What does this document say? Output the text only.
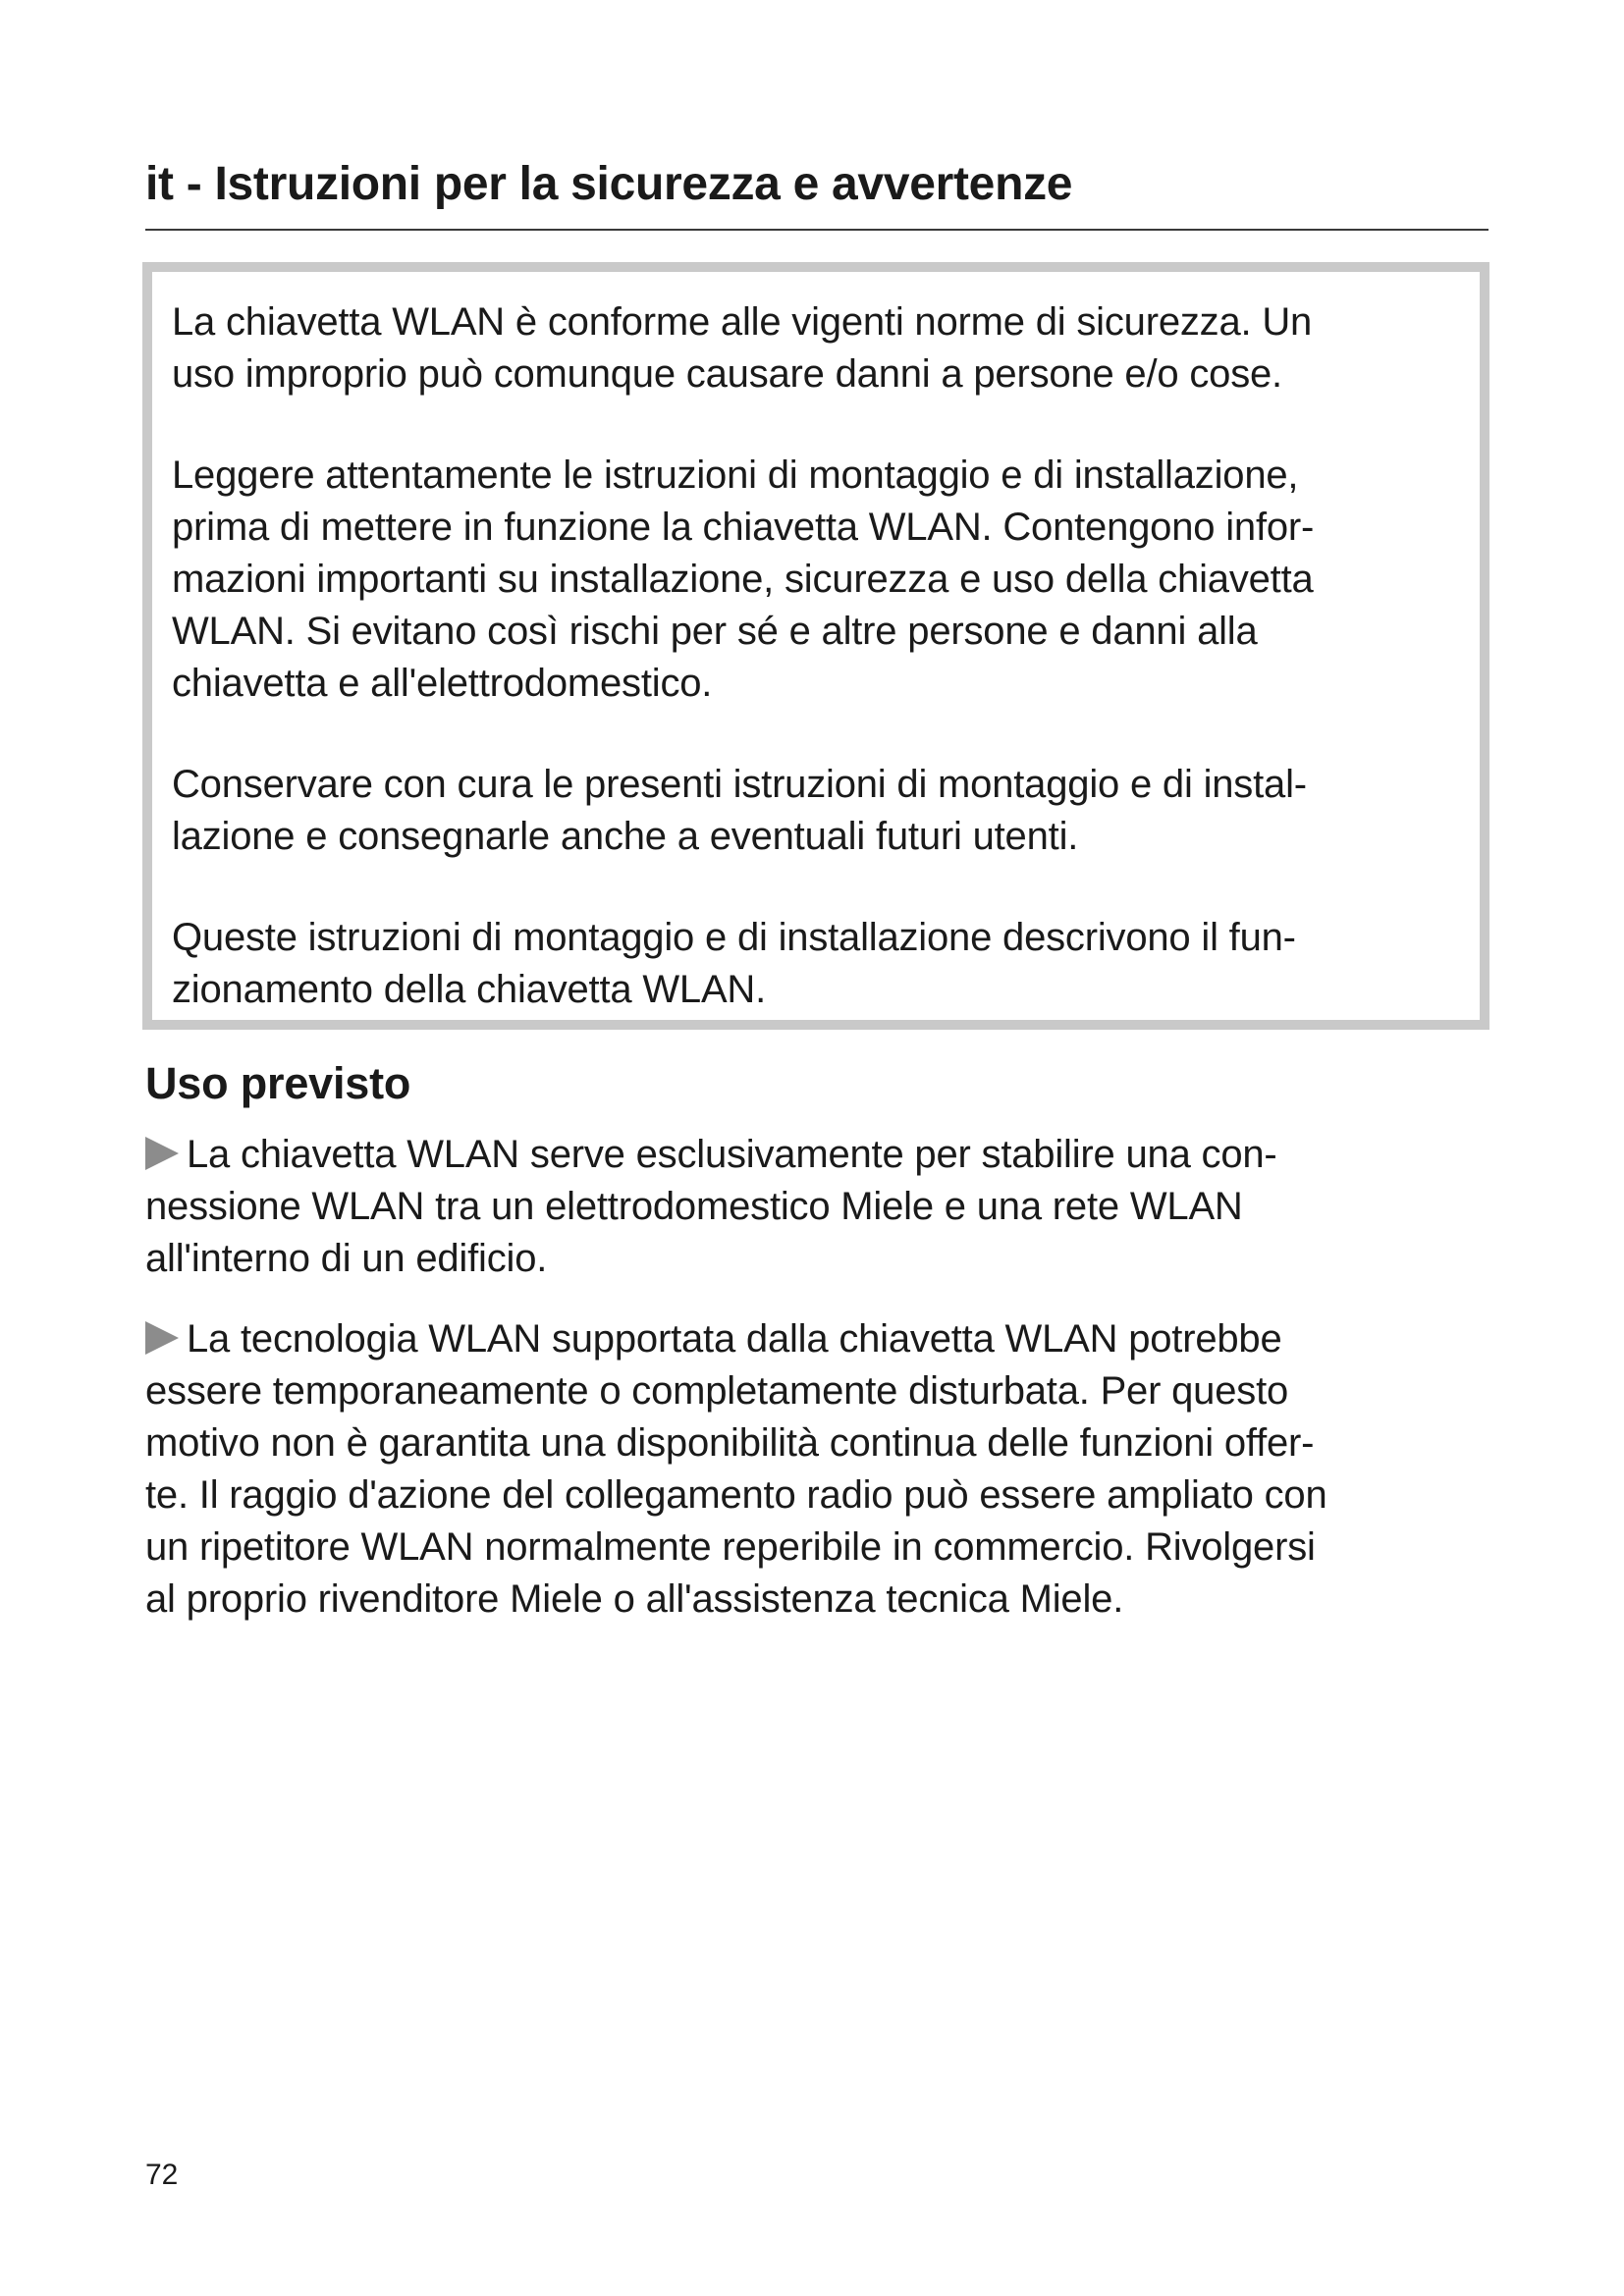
it - Istruzioni per la sicurezza e avvertenze

La chiavetta WLAN è conforme alle vigenti norme di sicurezza. Un
uso improprio può comunque causare danni a persone e/o cose.

Leggere attentamente le istruzioni di montaggio e di installazione,
prima di mettere in funzione la chiavetta WLAN. Contengono infor-
mazioni importanti su installazione, sicurezza e uso della chiavetta
WLAN. Si evitano così rischi per sé e altre persone e danni alla
chiavetta e all'elettrodomestico.

Conservare con cura le presenti istruzioni di montaggio e di instal-
lazione e consegnarle anche a eventuali futuri utenti.

Queste istruzioni di montaggio e di installazione descrivono il fun-
zionamento della chiavetta WLAN.

Uso previsto

La chiavetta WLAN serve esclusivamente per stabilire una con-
nessione WLAN tra un elettrodomestico Miele e una rete WLAN
all'interno di un edificio.

La tecnologia WLAN supportata dalla chiavetta WLAN potrebbe
essere temporaneamente o completamente disturbata. Per questo
motivo non è garantita una disponibilità continua delle funzioni offer-
te. Il raggio d'azione del collegamento radio può essere ampliato con
un ripetitore WLAN normalmente reperibile in commercio. Rivolgersi
al proprio rivenditore Miele o all'assistenza tecnica Miele.

72
